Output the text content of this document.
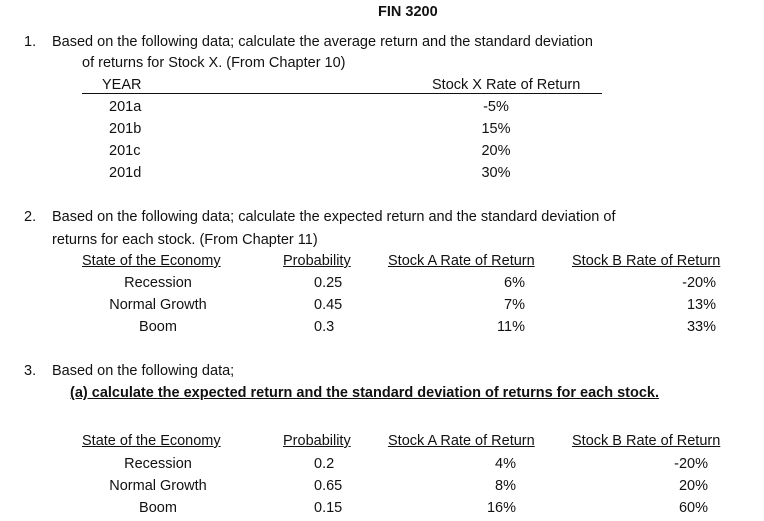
FIN 3200
1. Based on the following data; calculate the average return and the standard deviation
of returns for Stock X. (From Chapter 10)
YEAR	Stock X Rate of Return
201a	-5%
201b	15%
201c	20%
201d	30%
2. Based on the following data; calculate the expected return and the standard deviation of
returns for each stock. (From Chapter 11)
State of the Economy	Probability	Stock A Rate of Return	Stock B Rate of Return
Recession	0.25	6%	-20%
Normal Growth	0.45	7%	13%
Boom	0.3	11%	33%
3. Based on the following data;
(a) calculate the expected return and the standard deviation of returns for each stock.
State of the Economy	Probability	Stock A Rate of Return	Stock B Rate of Return
Recession	0.2	4%	-20%
Normal Growth	0.65	8%	20%
Boom	0.15	16%	60%
